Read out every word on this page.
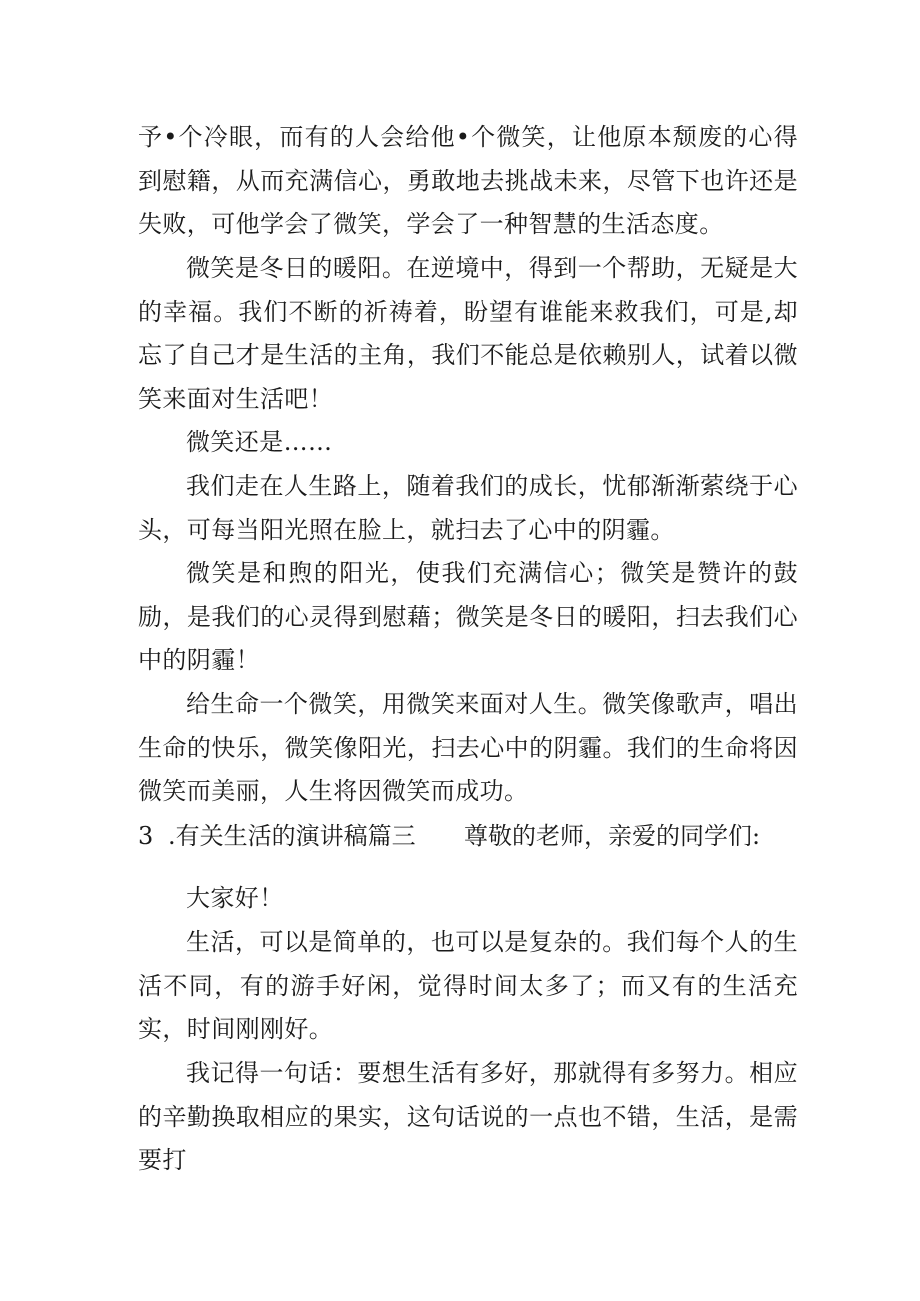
予•个冷眼，而有的人会给他•个微笑，让他原本颓废的心得到慰籍，从而充满信心，勇敢地去挑战未来，尽管下也许还是失败，可他学会了微笑，学会了一种智慧的生活态度。

微笑是冬日的暖阳。在逆境中，得到一个帮助，无疑是大的幸福。我们不断的祈祷着，盼望有谁能来救我们，可是,却忘了自己才是生活的主角，我们不能总是依赖别人，试着以微笑来面对生活吧！

微笑还是……

我们走在人生路上，随着我们的成长，忧郁渐渐萦绕于心头，可每当阳光照在脸上，就扫去了心中的阴霾。

微笑是和煦的阳光，使我们充满信心；微笑是赞许的鼓励，是我们的心灵得到慰藉；微笑是冬日的暖阳，扫去我们心中的阴霾！

给生命一个微笑，用微笑来面对人生。微笑像歌声，唱出生命的快乐，微笑像阳光，扫去心中的阴霾。我们的生命将因微笑而美丽，人生将因微笑而成功。

3 .有关生活的演讲稿篇三 尊敬的老师，亲爱的同学们:

大家好！

生活，可以是简单的，也可以是复杂的。我们每个人的生活不同，有的游手好闲，觉得时间太多了；而又有的生活充实，时间刚刚好。

我记得一句话：要想生活有多好，那就得有多努力。相应的辛勤换取相应的果实，这句话说的一点也不错，生活，是需要打
